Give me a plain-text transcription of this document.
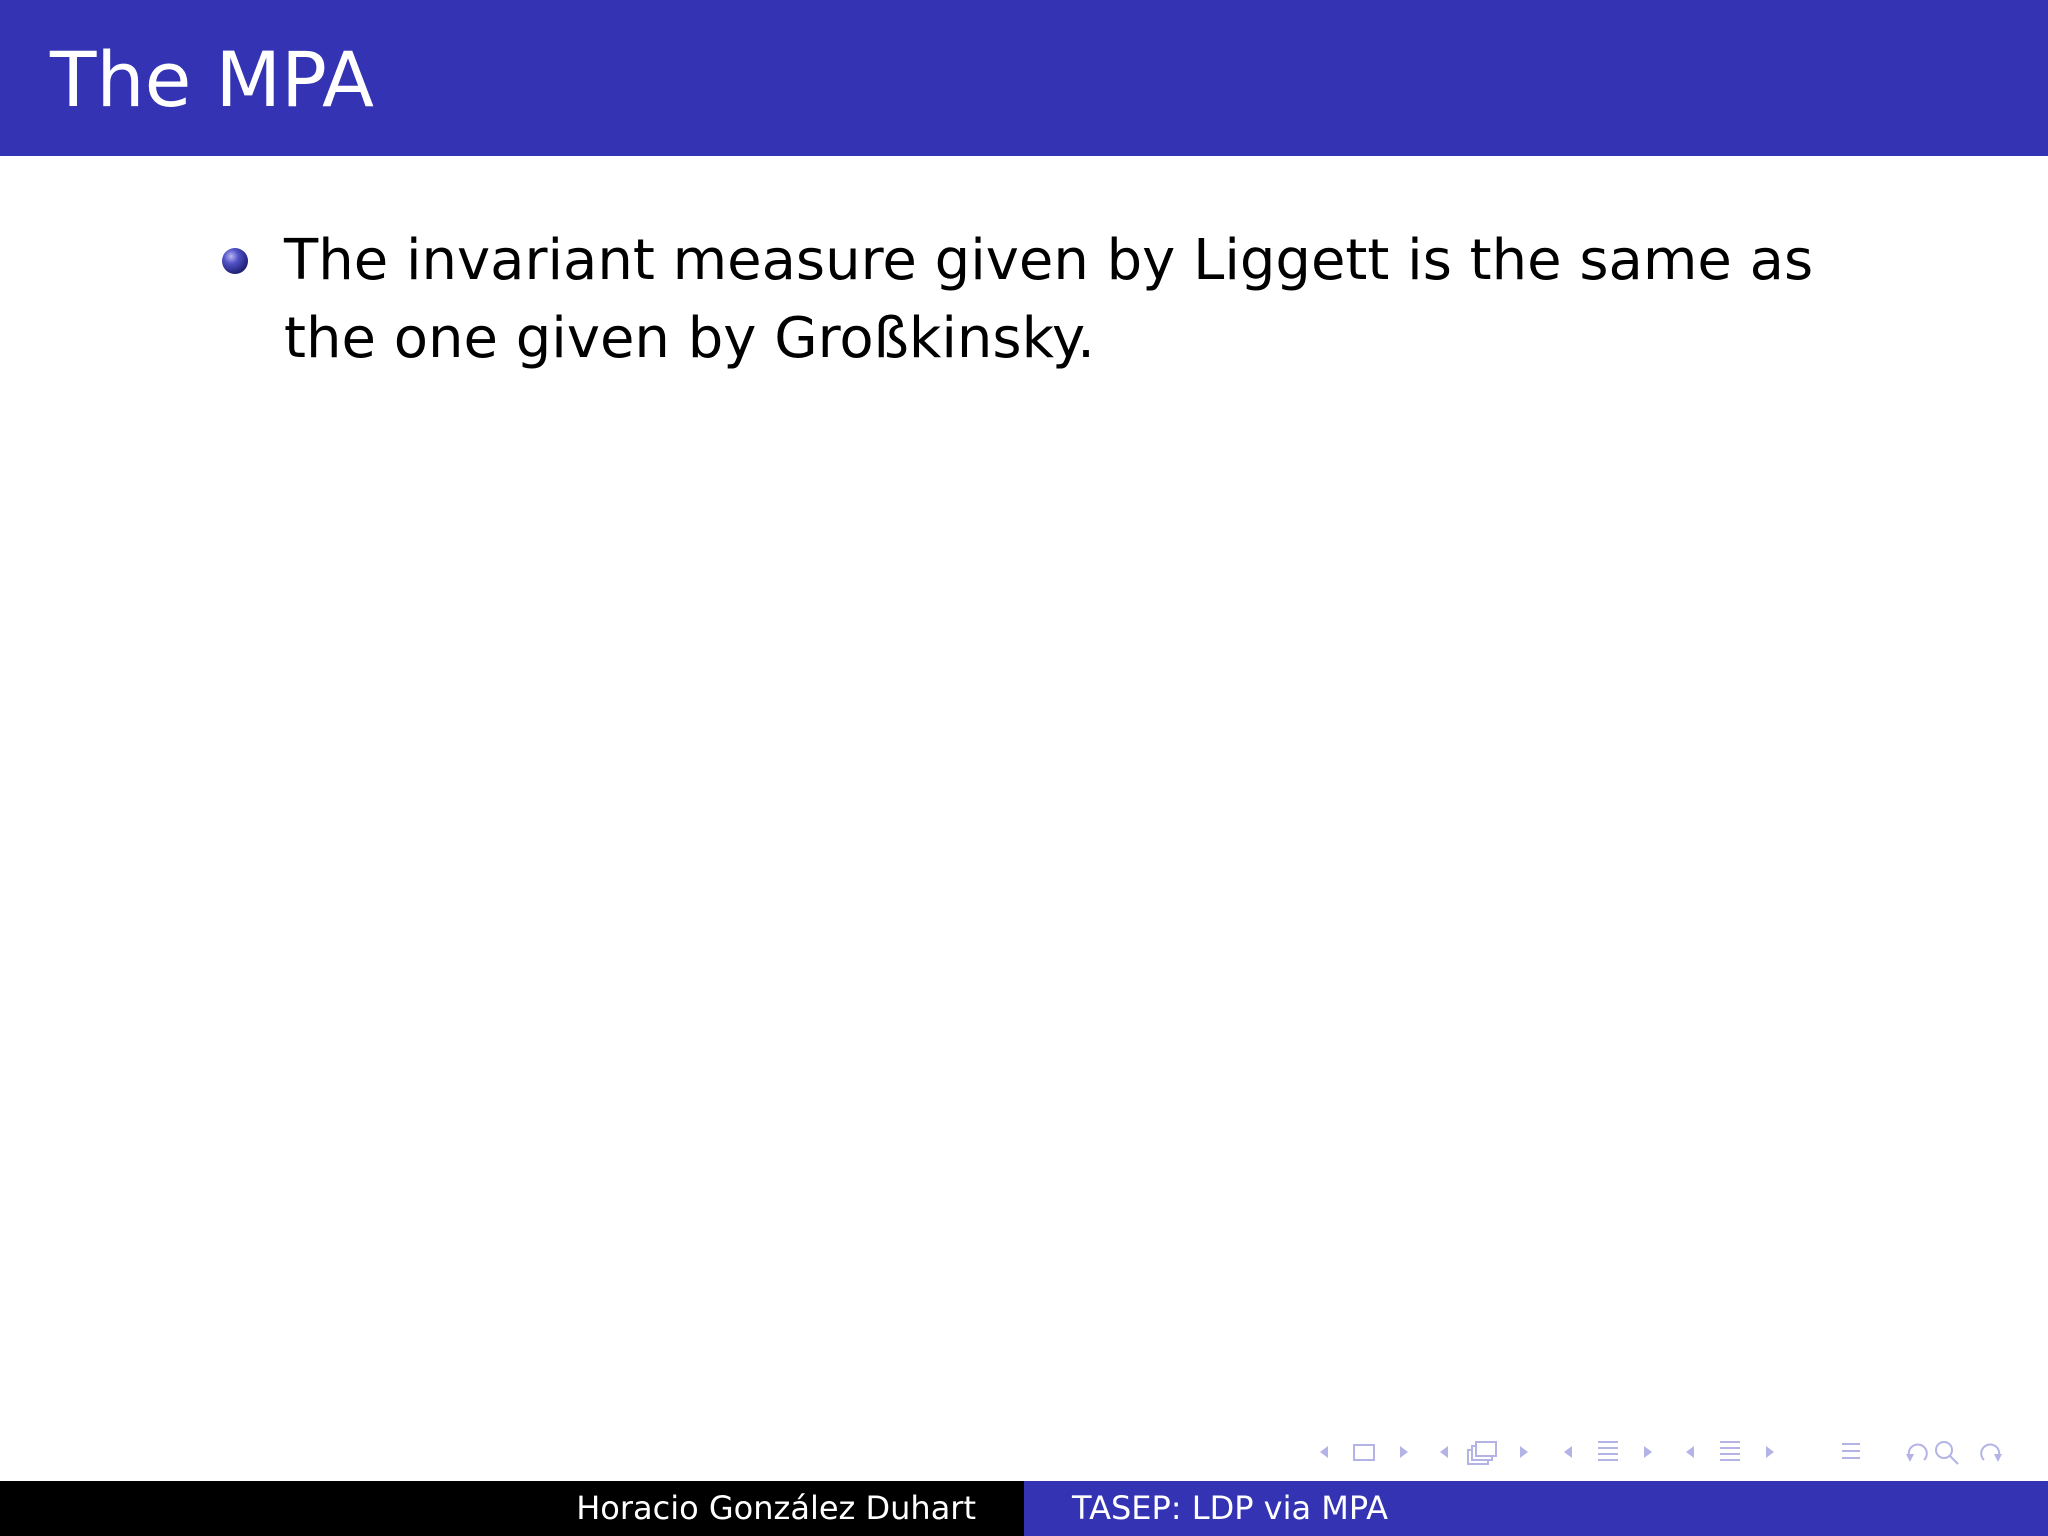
The MPA
The invariant measure given by Liggett is the same as the one given by Großkinsky.
Horacio González Duhart	TASEP: LDP via MPA
